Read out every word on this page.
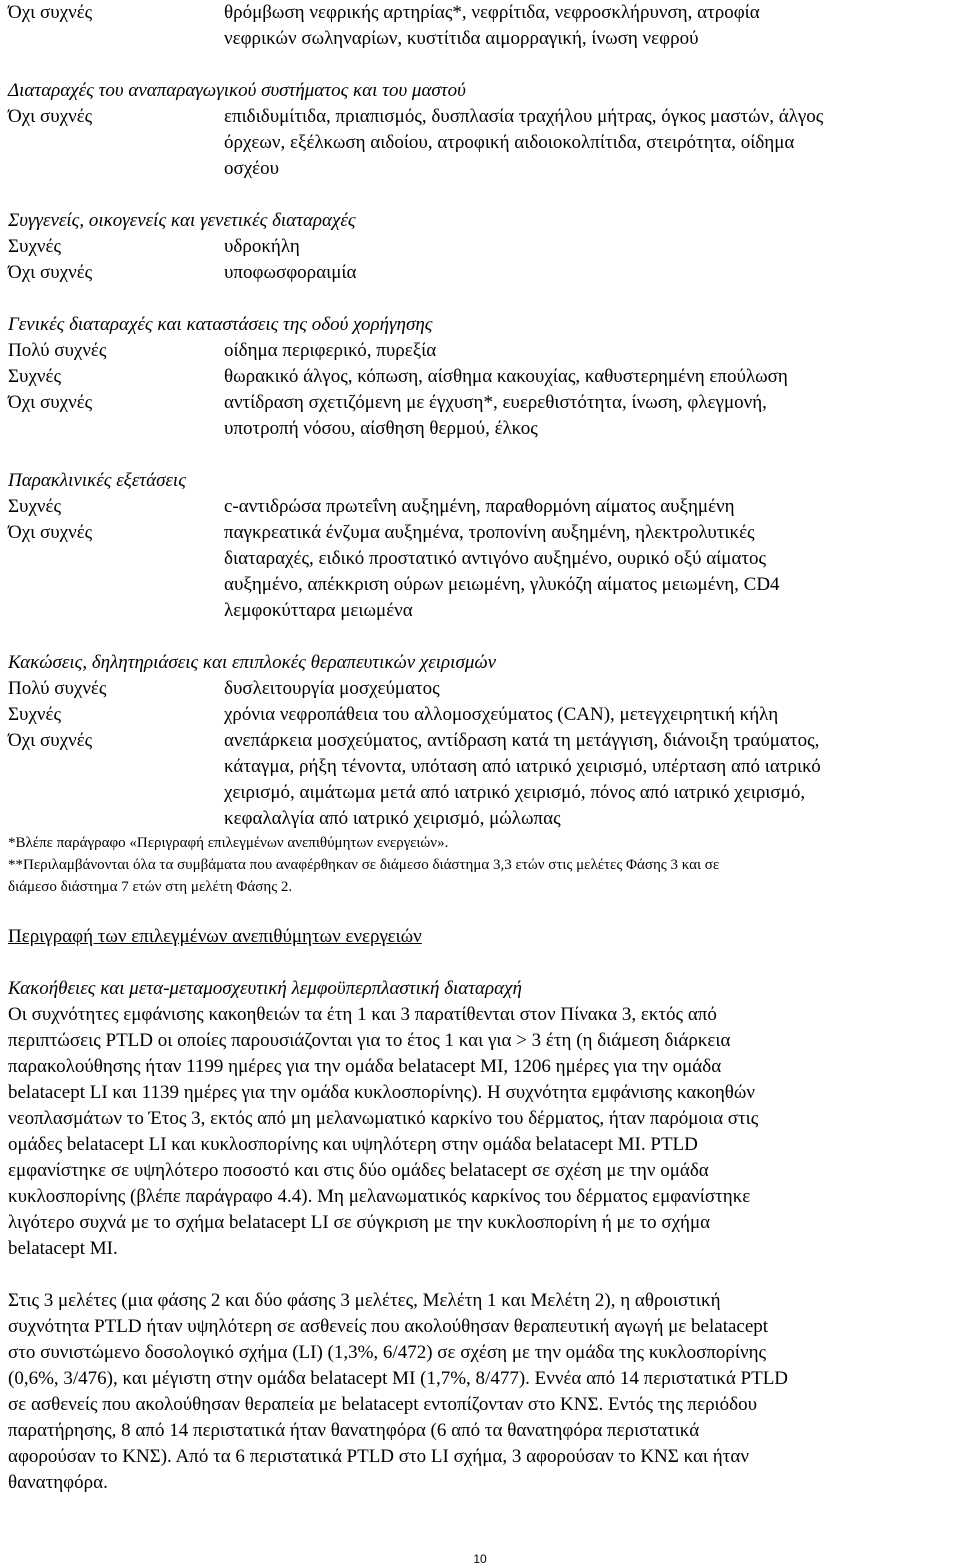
Όχι συχνές	θρόμβωση νεφρικής αρτηρίας*, νεφρίτιδα, νεφροσκλήρυνση, ατροφία
νεφρικών σωληναρίων, κυστίτιδα αιμορραγική, ίνωση νεφρού
Διαταραχές του αναπαραγωγικού συστήματος και του μαστού
Όχι συχνές	επιδιδυμίτιδα, πριαπισμός, δυσπλασία τραχήλου μήτρας, όγκος μαστών, άλγος
όρχεων, εξέλκωση αιδοίου, ατροφική αιδοιοκολπίτιδα, στειρότητα, οίδημα
οσχέου
Συγγενείς, οικογενείς και γενετικές διαταραχές
Συχνές	υδροκήλη
Όχι συχνές	υποφωσφοραιμία
Γενικές διαταραχές και καταστάσεις της οδού χορήγησης
Πολύ συχνές	οίδημα περιφερικό, πυρεξία
Συχνές	θωρακικό άλγος, κόπωση, αίσθημα κακουχίας, καθυστερημένη επούλωση
Όχι συχνές	αντίδραση σχετιζόμενη με έγχυση*, ευερεθιστότητα, ίνωση, φλεγμονή,
υποτροπή νόσου, αίσθηση θερμού, έλκος
Παρακλινικές εξετάσεις
Συχνές	c-αντιδρώσα πρωτεΐνη αυξημένη, παραθορμόνη αίματος αυξημένη
Όχι συχνές	παγκρεατικά ένζυμα αυξημένα, τροπονίνη αυξημένη, ηλεκτρολυτικές
διαταραχές, ειδικό προστατικό αντιγόνο αυξημένο, ουρικό οξύ αίματος
αυξημένο, απέκκριση ούρων μειωμένη, γλυκόζη αίματος μειωμένη, CD4
λεμφοκύτταρα μειωμένα
Κακώσεις, δηλητηριάσεις και επιπλοκές θεραπευτικών χειρισμών
Πολύ συχνές	δυσλειτουργία μοσχεύματος
Συχνές	χρόνια νεφροπάθεια του αλλομοσχεύματος (CAN), μετεγχειρητική κήλη
Όχι συχνές	ανεπάρκεια μοσχεύματος, αντίδραση κατά τη μετάγγιση, διάνοιξη τραύματος,
κάταγμα, ρήξη τένοντα, υπόταση από ιατρικό χειρισμό, υπέρταση από ιατρικό
χειρισμό, αιμάτωμα μετά από ιατρικό χειρισμό, πόνος από ιατρικό χειρισμό,
κεφαλαλγία από ιατρικό χειρισμό, μώλωπας
*Βλέπε παράγραφο «Περιγραφή επιλεγμένων ανεπιθύμητων ενεργειών».
**Περιλαμβάνονται όλα τα συμβάματα που αναφέρθηκαν σε διάμεσο διάστημα 3,3 ετών στις μελέτες Φάσης 3 και σε
διάμεσο διάστημα 7 ετών στη μελέτη Φάσης 2.
Περιγραφή των επιλεγμένων ανεπιθύμητων ενεργειών
Κακοήθειες και μετα-μεταμοσχευτική λεμφοϋπερπλαστική διαταραχή
Οι συχνότητες εμφάνισης κακοηθειών τα έτη 1 και 3 παρατίθενται στον Πίνακα 3, εκτός από
περιπτώσεις PTLD οι οποίες παρουσιάζονται για το έτος 1 και για > 3 έτη (η διάμεση διάρκεια
παρακολούθησης ήταν 1199 ημέρες για την ομάδα belatacept MI, 1206 ημέρες για την ομάδα
belatacept LI και 1139 ημέρες για την ομάδα κυκλοσπορίνης). Η συχνότητα εμφάνισης κακοηθών
νεοπλασμάτων το Έτος 3, εκτός από μη μελανωματικό καρκίνο του δέρματος, ήταν παρόμοια στις
ομάδες belatacept LI και κυκλοσπορίνης και υψηλότερη στην ομάδα belatacept MI. PTLD
εμφανίστηκε σε υψηλότερο ποσοστό και στις δύο ομάδες belatacept σε σχέση με την ομάδα
κυκλοσπορίνης (βλέπε παράγραφο 4.4). Μη μελανωματικός καρκίνος του δέρματος εμφανίστηκε
λιγότερο συχνά με το σχήμα belatacept LI σε σύγκριση με την κυκλοσπορίνη ή με το σχήμα
belatacept MI.
Στις 3 μελέτες (μια φάσης 2 και δύο φάσης 3 μελέτες, Μελέτη 1 και Μελέτη 2), η αθροιστική
συχνότητα PTLD ήταν υψηλότερη σε ασθενείς που ακολούθησαν θεραπευτική αγωγή με belatacept
στο συνιστώμενο δοσολογικό σχήμα (LI) (1,3%, 6/472) σε σχέση με την ομάδα της κυκλοσπορίνης
(0,6%, 3/476), και μέγιστη στην ομάδα belatacept MI (1,7%, 8/477). Εννέα από 14 περιστατικά PTLD
σε ασθενείς που ακολούθησαν θεραπεία με belatacept εντοπίζονταν στο ΚΝΣ. Εντός της περιόδου
παρατήρησης, 8 από 14 περιστατικά ήταν θανατηφόρα (6 από τα θανατηφόρα περιστατικά
αφορούσαν το ΚΝΣ). Από τα 6 περιστατικά PTLD στο LI σχήμα, 3 αφορούσαν το ΚΝΣ και ήταν
θανατηφόρα.
10
